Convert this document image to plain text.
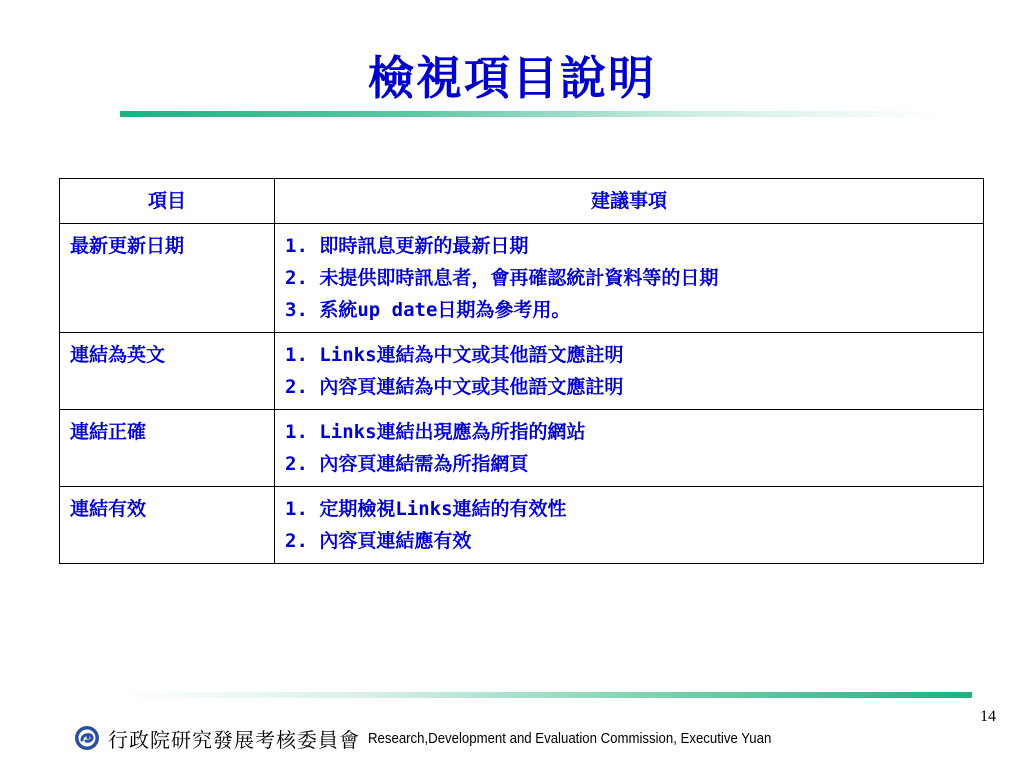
檢視項目說明
項目	建議事項
最新更新日期	1. 即時訊息更新的最新日期
2. 未提供即時訊息者，會再確認統計資料等的日期
3. 系統up date日期為參考用。

連結為英文	1. Links連結為中文或其他語文應註明
2. 內容頁連結為中文或其他語文應註明

連結正確	1. Links連結出現應為所指的網站
2. 內容頁連結需為所指網頁

連結有效	1. 定期檢視Links連結的有效性
2. 內容頁連結應有效
14
行政院研究發展考核委員會 Research,Development and Evaluation Commission, Executive Yuan
